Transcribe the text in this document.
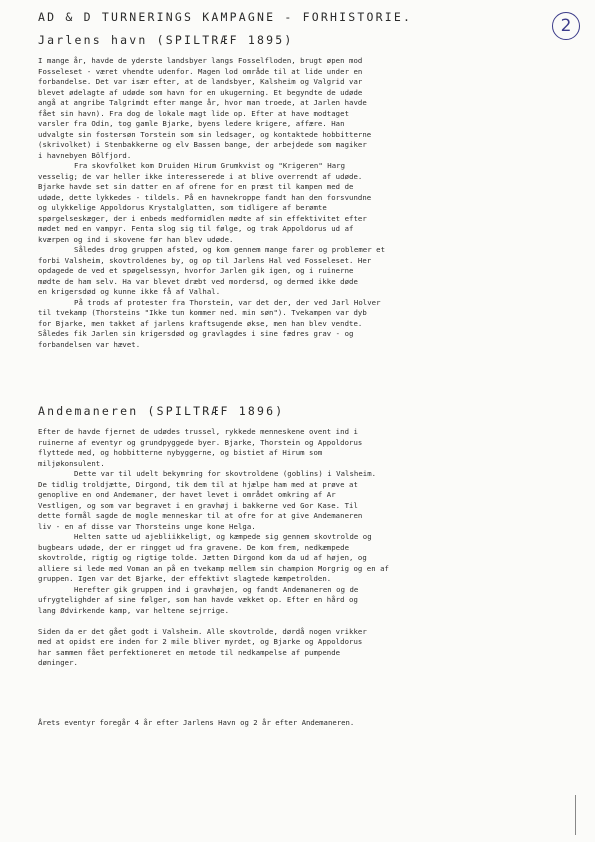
AD & D TURNERINGS KAMPAGNE - FORHISTORIE.	2
Jarlens havn (SPILTRÆF 1895)
I mange år, havde de yderste landsbyer langs Fosselfloden, brugt øpen mod
Fosseleset - været vhendte udenfor. Magen lod område til at lide under en
forbandelse. Det var især efter, at de landsbyer, Kalsheim og Valgrid var
blevet ødelagte af udøde som havn for en ukugerning. Et begyndte de udøde
angå at angribe Talgrimdt efter mange år, hvor man troede, at Jarlen havde
fået sin havn). Fra dog de lokale magt lide op. Efter at have modtaget
varsler fra Odin, tog gamle Bjarke, byens ledere krigere, affære. Han
udvalgte sin fostersøn Torstein som sin ledsager, og kontaktede hobbitterne
(skrivolket) i Stenbakkerne og elv Bassen bange, der arbejdede som magiker
i havnebyen Bölfjord.
Fra skovfolket kom Druiden Hirum Grumkvist og "Krigeren" Harg
vesselig; de var heller ikke interesserede i at blive overrendt af udøde.
Bjarke havde set sin datter en af ofrene for en præst til kampen med de
udøde, dette lykkedes - tildels. På en havnekroppe fandt han den forsvundne
og ulykkelige Appoldorus Krystalglatten, som tidligere af berømte
spørgelseskæger, der i enbeds medformidlen mødte af sin effektivitet efter
mødet med en vampyr. Fenta slog sig til følge, og trak Appoldorus ud af
kværpen og ind i skovene før han blev udøde.
Således drog gruppen afsted, og kom gennem mange farer og problemer et
forbi Valsheim, skovtroldenes by, og op til Jarlens Hal ved Fosseleset. Her
opdagede de ved et spøgelsessyn, hvorfor Jarlen gik igen, og i ruinerne
mødte de ham selv. Ha var blevet dræbt ved mordersd, og dermed ikke døde
en krigersdød og kunne ikke få af Valhal.
På trods af protester fra Thorstein, var det der, der ved Jarl Holver
til tvekamp (Thorsteins "Ikke tun kommer ned. min søn"). Tvekampen var dyb
for Bjarke, men takket af jarlens kraftsugende økse, men han blev vendte.
Således fik Jarlen sin krigersdød og gravlagdes i sine fædres grav - og
forbandelsen var hævet.
Andemaneren (SPILTRÆF 1896)
Efter de havde fjernet de udødes trussel, rykkede menneskene ovent ind i
ruinerne af eventyr og grundpyggede byer. Bjarke, Thorstein og Appoldorus
flyttede med, og hobbitterne nybyggerne, og bistiet af Hirum som
miljøkonsulent.
Dette var til udelt bekymring for skovtroldene (goblins) i Valsheim.
De tidlig troldjætte, Dirgond, tik dem til at hjælpe ham med at prøve at
genoplive en ond Andemaner, der havet levet i området omkring af Ar
Vestligen, og som var begravet i en gravhøj i bakkerne ved Gor Kase. Til
dette formål sagde de mogle menneskar til at ofre for at give Andemaneren
liv - en af disse var Thorsteins unge kone Helga.
Helten satte ud ajebliikkeligt, og kæmpede sig gennem skovtrolde og
bugbears udøde, der er ringget ud fra gravene. De kom frem, nedkæmpede
skovtrolde, rigtig og rigtige tolde. Jætten Dirgond kom da ud af højen, og
alliere si lede med Voman an på en tvekamp mellem sin champion Morgrig og en af
gruppen. Igen var det Bjarke, der effektivt slagtede kæmpetrolden.
Herefter gik gruppen ind i gravhøjen, og fandt Andemaneren og de
ufrygtelighder af sine følger, som han havde vækket op. Efter en hård og
lang Ødvirkende kamp, var heltene sejrrige.
Siden da er det gået godt i Valsheim. Alle skovtrolde, dørdå nogen vrikker
med at opidst ere inden for 2 mile bliver myrdet, og Bjarke og Appoldorus
har sammen fået perfektioneret en metode til nedkampelse af pumpende
døninger.
Årets eventyr foregår 4 år efter Jarlens Havn og 2 år efter Andemaneren.
